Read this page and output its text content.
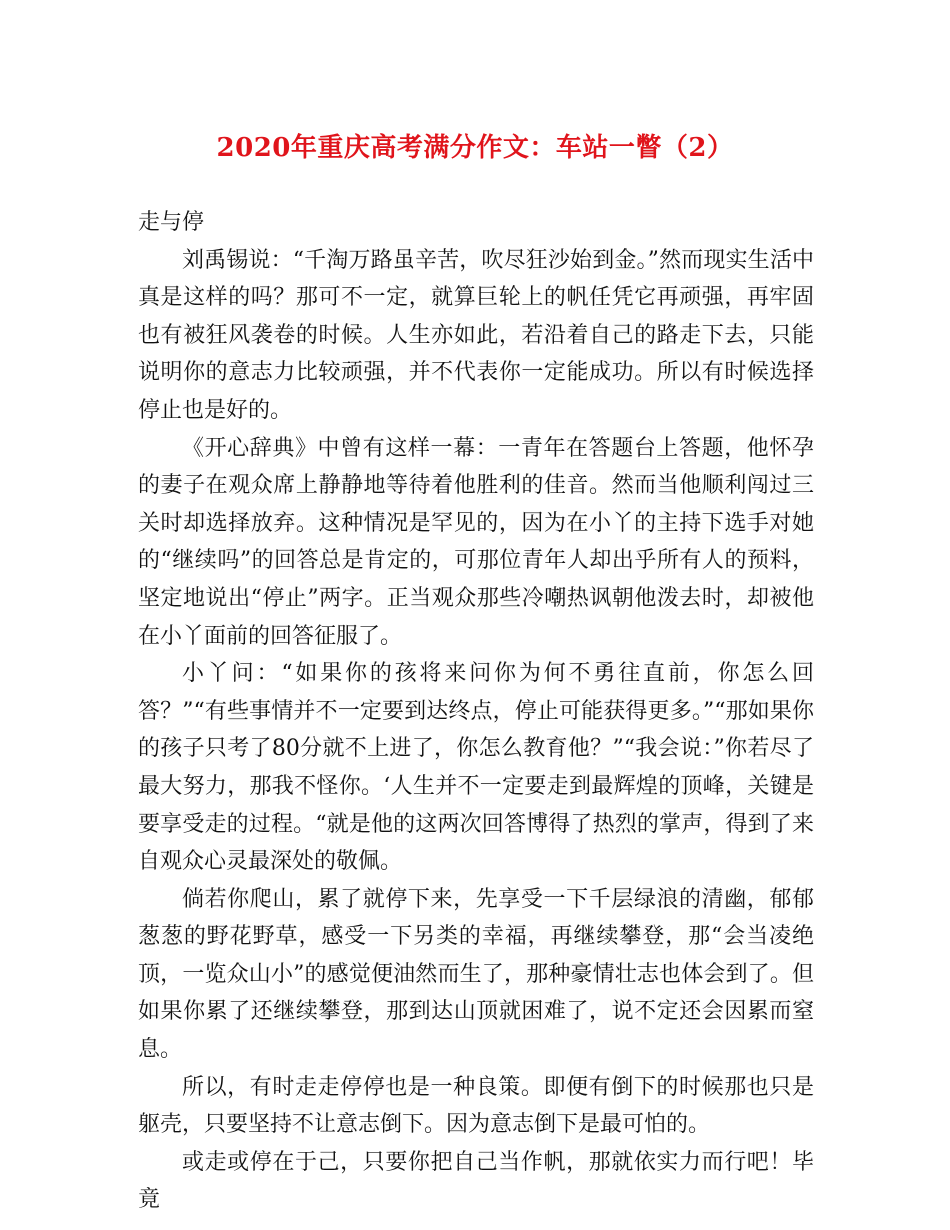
2020年重庆高考满分作文：车站一瞥（2）

走与停

刘禹锡说：“千淘万路虽辛苦，吹尽狂沙始到金。”然而现实生活中真是这样的吗？那可不一定，就算巨轮上的帆任凭它再顽强，再牢固也有被狂风袭卷的时候。人生亦如此，若沿着自己的路走下去，只能说明你的意志力比较顽强，并不代表你一定能成功。所以有时候选择停止也是好的。

《开心辞典》中曾有这样一幕：一青年在答题台上答题，他怀孕的妻子在观众席上静静地等待着他胜利的佳音。然而当他顺利闯过三关时却选择放弃。这种情况是罕见的，因为在小丫的主持下选手对她的“继续吗”的回答总是肯定的，可那位青年人却出乎所有人的预料，坚定地说出“停止”两字。正当观众那些冷嘲热讽朝他泼去时，却被他在小丫面前的回答征服了。

小丫问：“如果你的孩将来问你为何不勇往直前，你怎么回答？”“有些事情并不一定要到达终点，停止可能获得更多。”“那如果你的孩子只考了80分就不上进了，你怎么教育他？”“我会说：”你若尽了最大努力，那我不怪你。‘人生并不一定要走到最辉煌的顶峰，关键是要享受走的过程。“就是他的这两次回答博得了热烈的掌声，得到了来自观众心灵最深处的敬佩。

倘若你爬山，累了就停下来，先享受一下千层绿浪的清幽，郁郁葱葱的野花野草，感受一下另类的幸福，再继续攀登，那“会当凌绝顶，一览众山小”的感觉便油然而生了，那种豪情壮志也体会到了。但如果你累了还继续攀登，那到达山顶就困难了，说不定还会因累而窒息。

所以，有时走走停停也是一种良策。即便有倒下的时候那也只是躯壳，只要坚持不让意志倒下。因为意志倒下是最可怕的。

或走或停在于己，只要你把自己当作帆，那就依实力而行吧！毕竟
